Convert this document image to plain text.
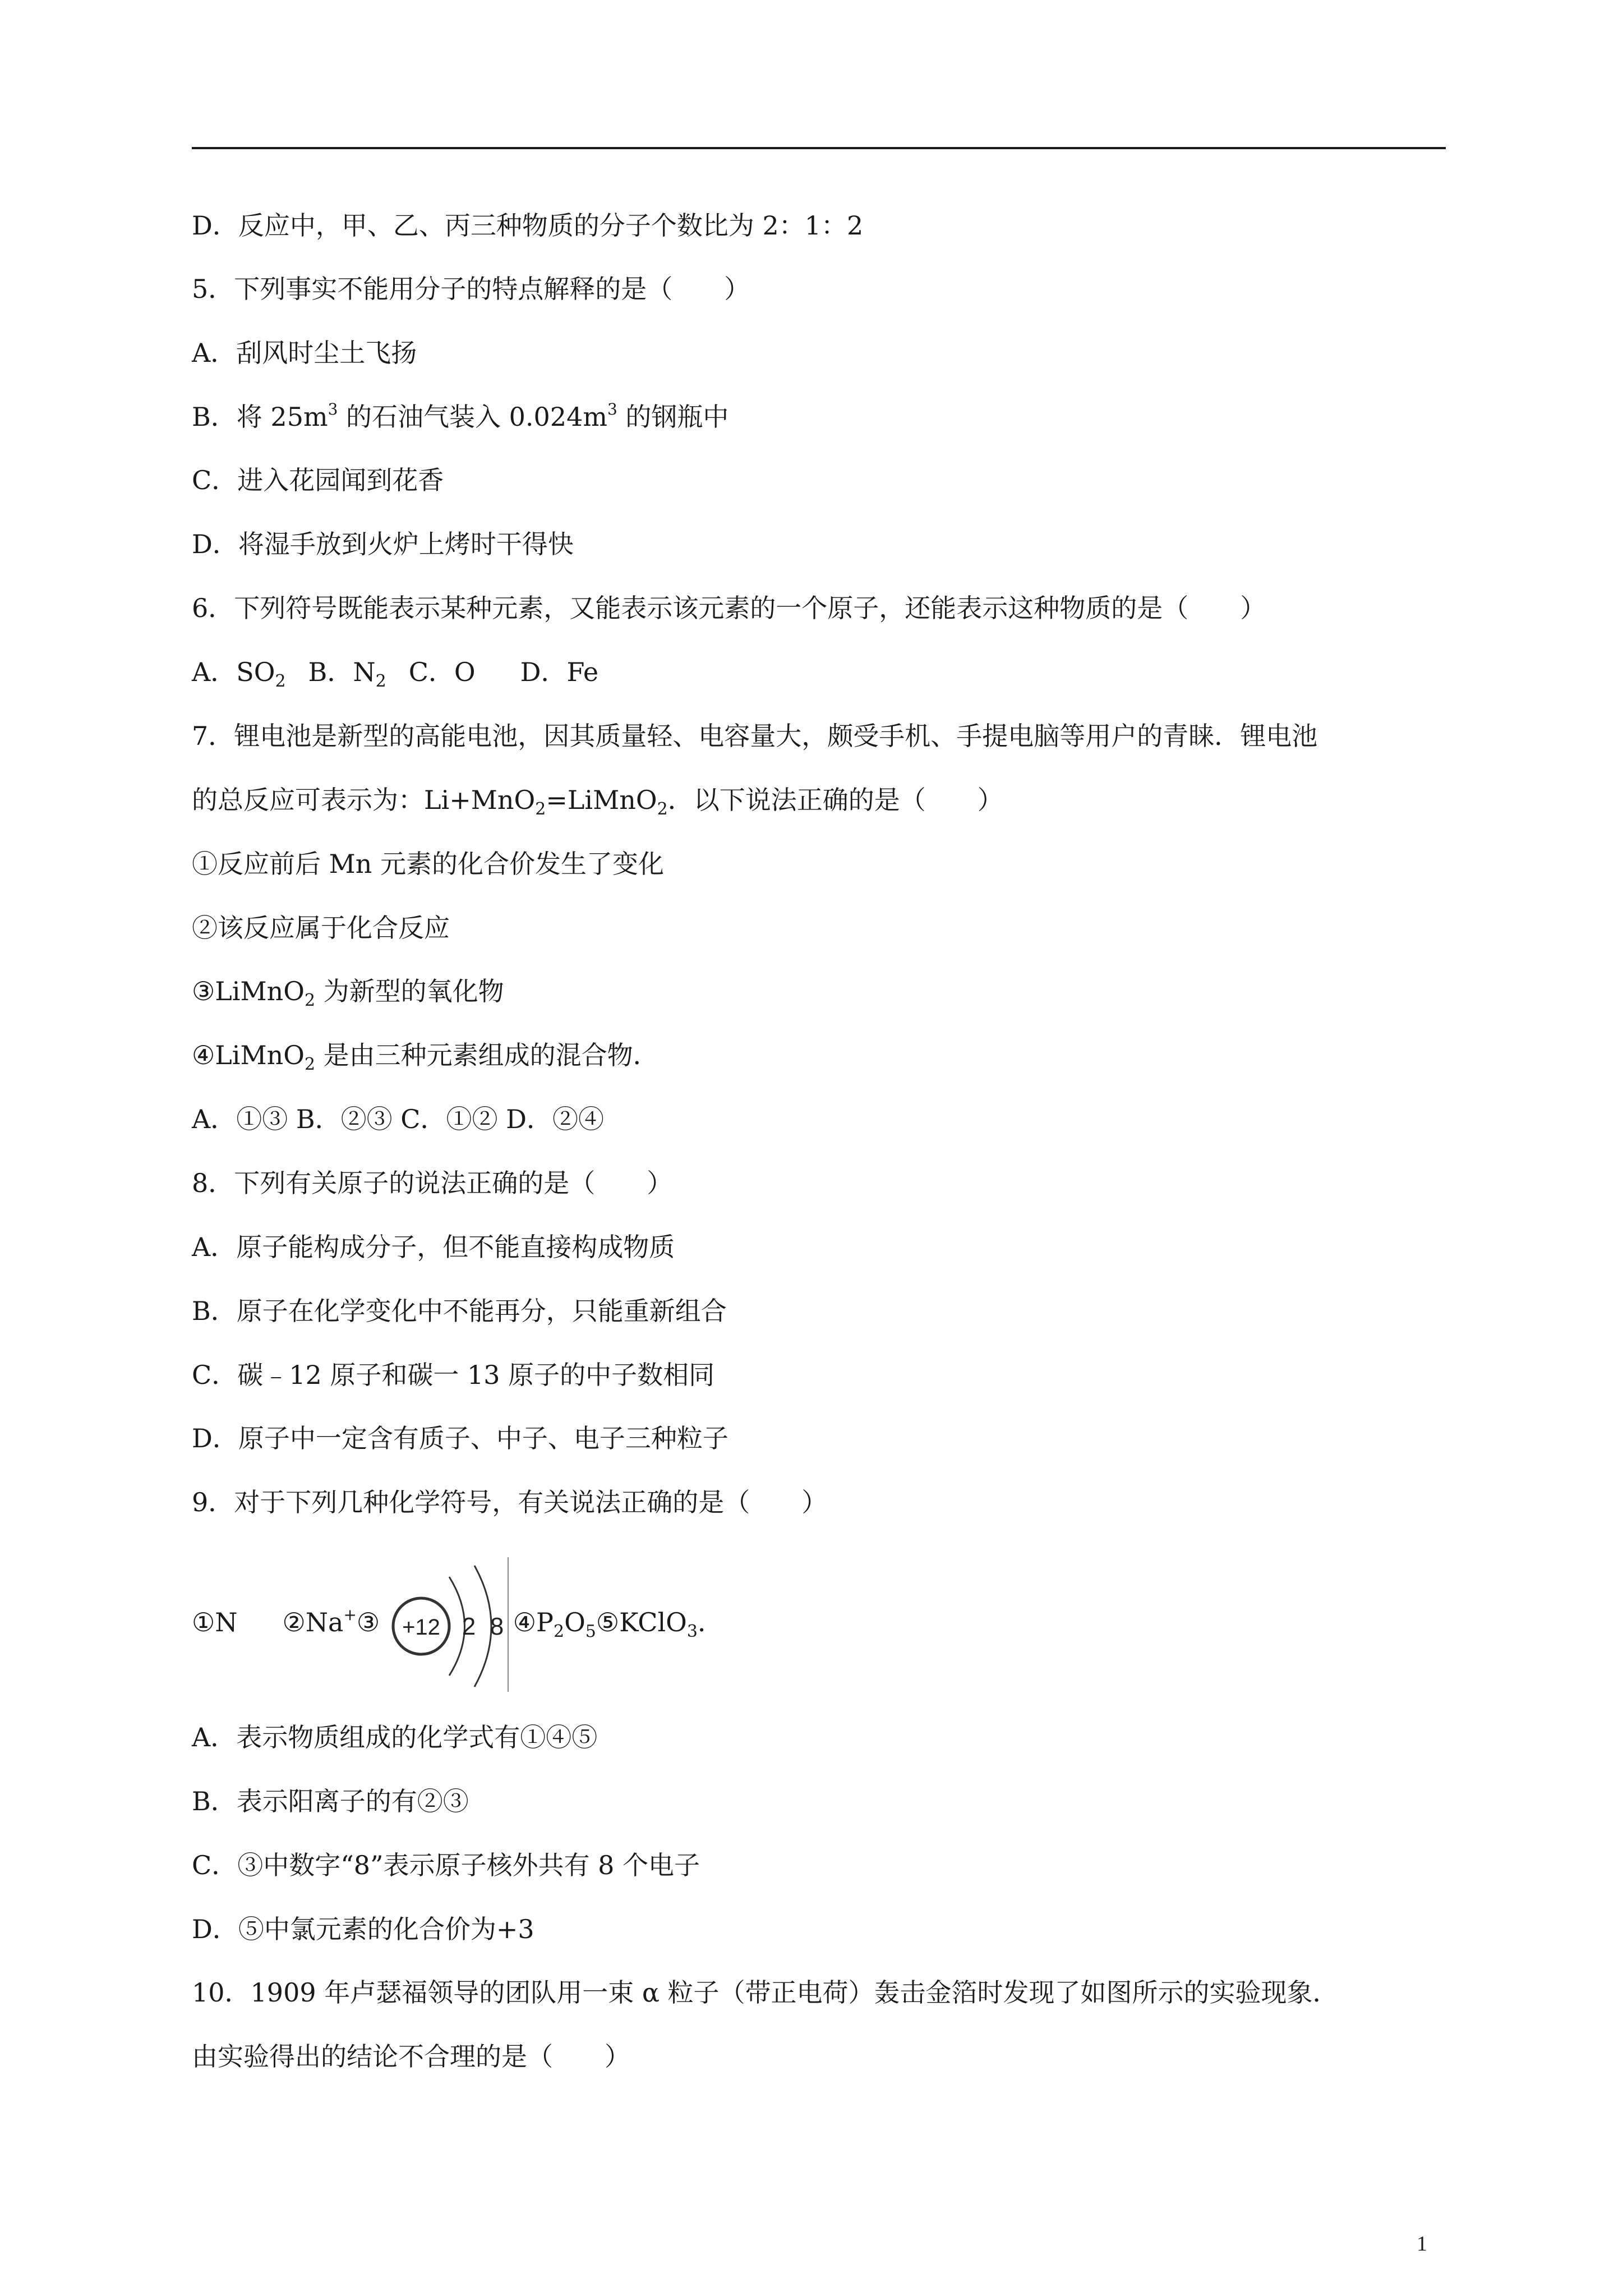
D．反应中，甲、乙、丙三种物质的分子个数比为 2：1：2
5．下列事实不能用分子的特点解释的是（　　）
A．刮风时尘土飞扬
B．将 $25m^3$ 的石油气装入 $0.024m^3$ 的钢瓶中
C．进入花园闻到花香
D．将湿手放到火炉上烤时干得快
6．下列符号既能表示某种元素，又能表示该元素的一个原子，还能表示这种物质的是（　　）
A．$SO_2$ B．$N_2$ C．O D．Fe
7．锂电池是新型的高能电池，因其质量轻、电容量大，颇受手机、手提电脑等用户的青睐．锂电池
的总反应可表示为：Li+MnO$_2$=LiMnO$_2$．以下说法正确的是（　　）
①反应前后 Mn 元素的化合价发生了变化
②该反应属于化合反应
③LiMnO$_2$ 为新型的氧化物
④LiMnO$_2$ 是由三种元素组成的混合物．
A．①③ B．②③ C．①② D．②④
8．下列有关原子的说法正确的是（　　）
A．原子能构成分子，但不能直接构成物质
B．原子在化学变化中不能再分，只能重新组合
C．碳﹣12 原子和碳一 13 原子的中子数相同
D．原子中一定含有质子、中子、电子三种粒子
9．对于下列几种化学符号，有关说法正确的是（　　）
①N ②Na+③ +12 2 8 $④P_2O_5⑤KClO_3$．
A．表示物质组成的化学式有①④⑤
B．表示阳离子的有②③
C．③中数字“8”表示原子核外共有 8 个电子
D．⑤中氯元素的化合价为+3
10．1909 年卢瑟福领导的团队用一束 α 粒子（带正电荷）轰击金箔时发现了如图所示的实验现象．
由实验得出的结论不合理的是（　　）
1
